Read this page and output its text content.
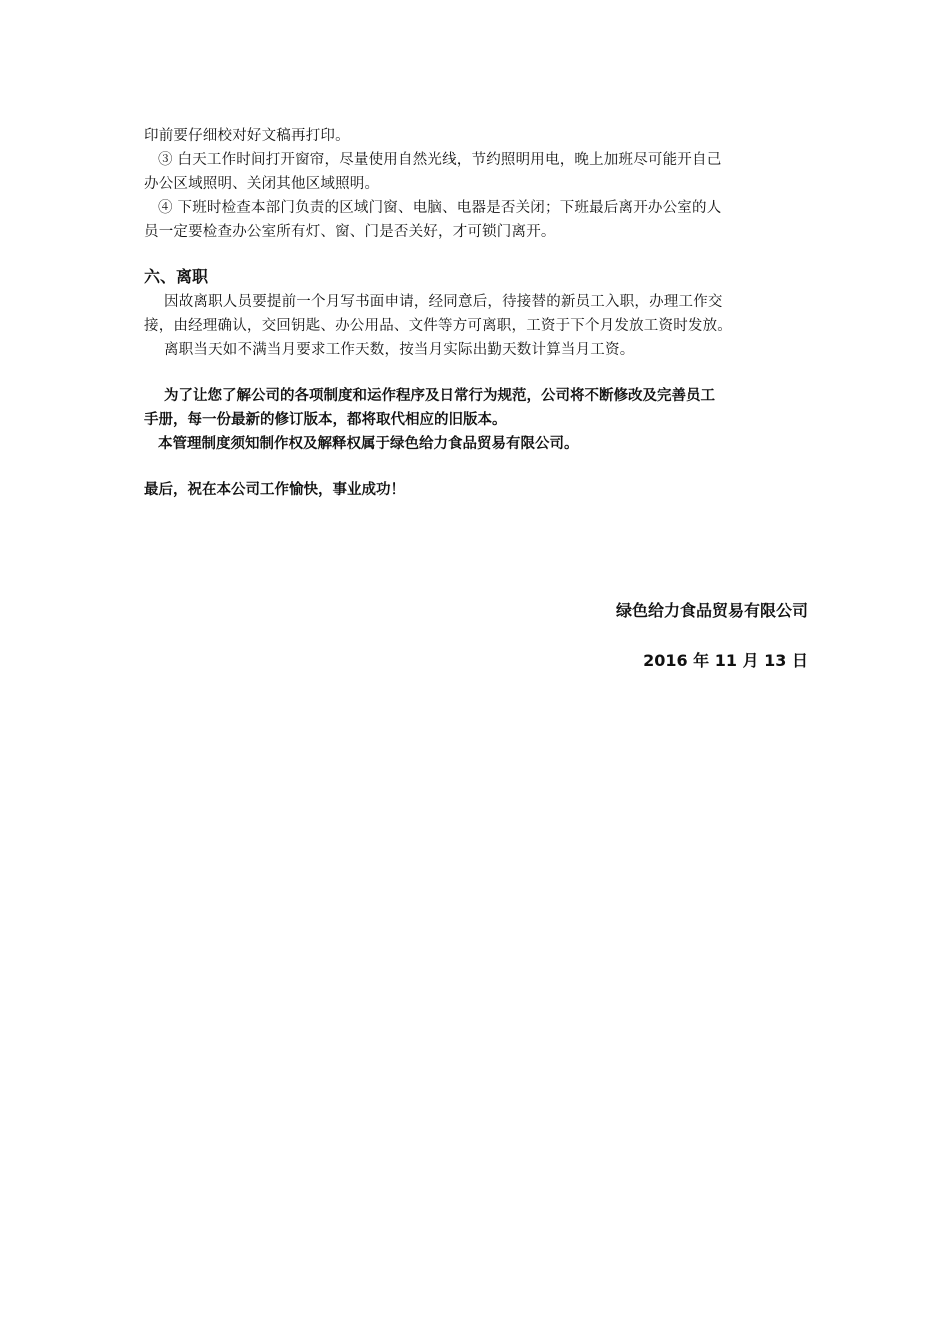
印前要仔细校对好文稿再打印。
③ 白天工作时间打开窗帘，尽量使用自然光线，节约照明用电，晚上加班尽可能开自己
办公区域照明、关闭其他区域照明。
④ 下班时检查本部门负责的区域门窗、电脑、电器是否关闭；下班最后离开办公室的人
员一定要检查办公室所有灯、窗、门是否关好，才可锁门离开。
六、离职
因故离职人员要提前一个月写书面申请，经同意后，待接替的新员工入职，办理工作交
接，由经理确认，交回钥匙、办公用品、文件等方可离职，工资于下个月发放工资时发放。
离职当天如不满当月要求工作天数，按当月实际出勤天数计算当月工资。
为了让您了解公司的各项制度和运作程序及日常行为规范，公司将不断修改及完善员工
手册，每一份最新的修订版本，都将取代相应的旧版本。
本管理制度须知制作权及解释权属于绿色给力食品贸易有限公司。
最后，祝在本公司工作愉快，事业成功！
绿色给力食品贸易有限公司
2016 年 11 月 13 日
